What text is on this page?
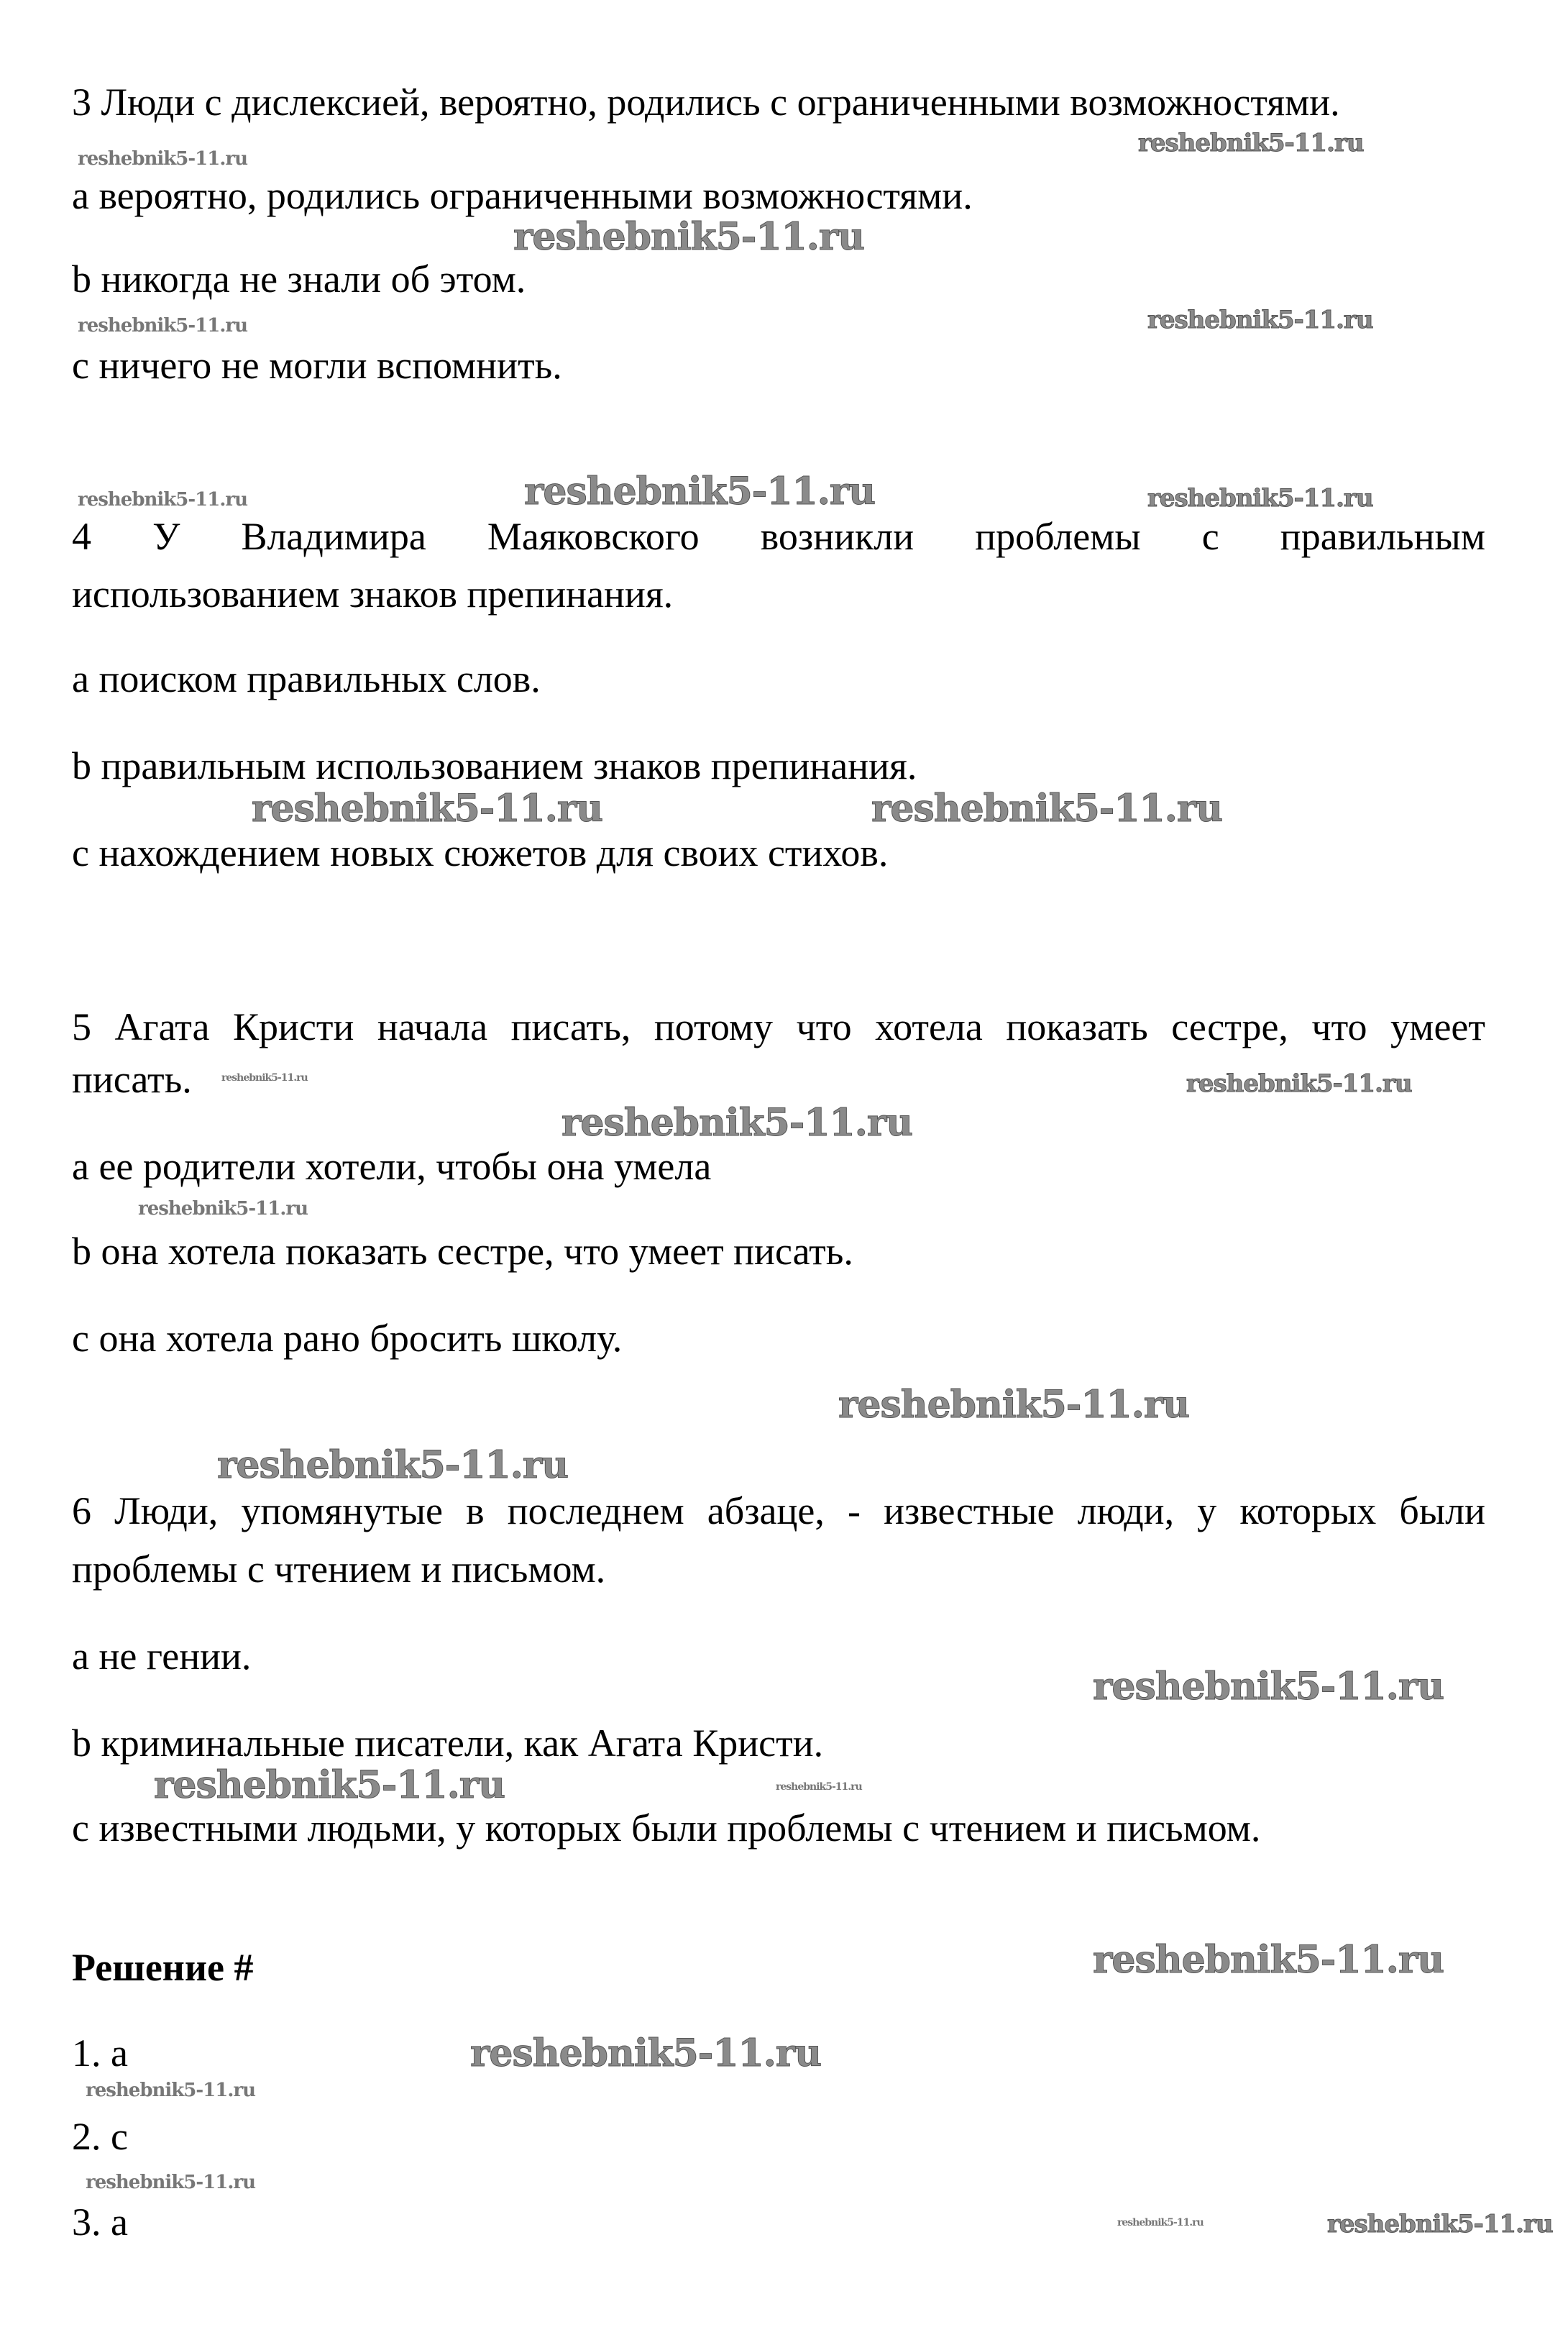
3 Люди с дислексией, вероятно, родились с ограниченными возможностями.
a вероятно, родились ограниченными возможностями.
b никогда не знали об этом.
c ничего не могли вспомнить.
4 У Владимира Маяковского возникли проблемы с правильным
использованием знаков препинания.
a поиском правильных слов.
b правильным использованием знаков препинания.
c нахождением новых сюжетов для своих стихов.
5 Агата Кристи начала писать, потому что хотела показать сестре, что умеет
писать.
a ее родители хотели, чтобы она умела
b она хотела показать сестре, что умеет писать.
c она хотела рано бросить школу.
6 Люди, упомянутые в последнем абзаце, - известные люди, у которых были
проблемы с чтением и письмом.
a не гении.
b криминальные писатели, как Агата Кристи.
c известными людьми, у которых были проблемы с чтением и письмом.
Решение #
1. a
2. c
3. a
reshebnik5-11.ru
reshebnik5-11.ru
reshebnik5-11.ru
reshebnik5-11.ru
reshebnik5-11.ru
reshebnik5-11.ru	reshebnik5-11.ru	reshebnik5-11.ru
reshebnik5-11.ru	reshebnik5-11.ru
reshebnik5-11.ru	reshebnik5-11.ru
reshebnik5-11.ru
reshebnik5-11.ru
reshebnik5-11.ru
reshebnik5-11.ru
reshebnik5-11.ru
reshebnik5-11.ru	reshebnik5-11.ru
reshebnik5-11.ru
reshebnik5-11.ru
reshebnik5-11.ru
reshebnik5-11.ru
reshebnik5-11.ru	reshebnik5-11.ru
